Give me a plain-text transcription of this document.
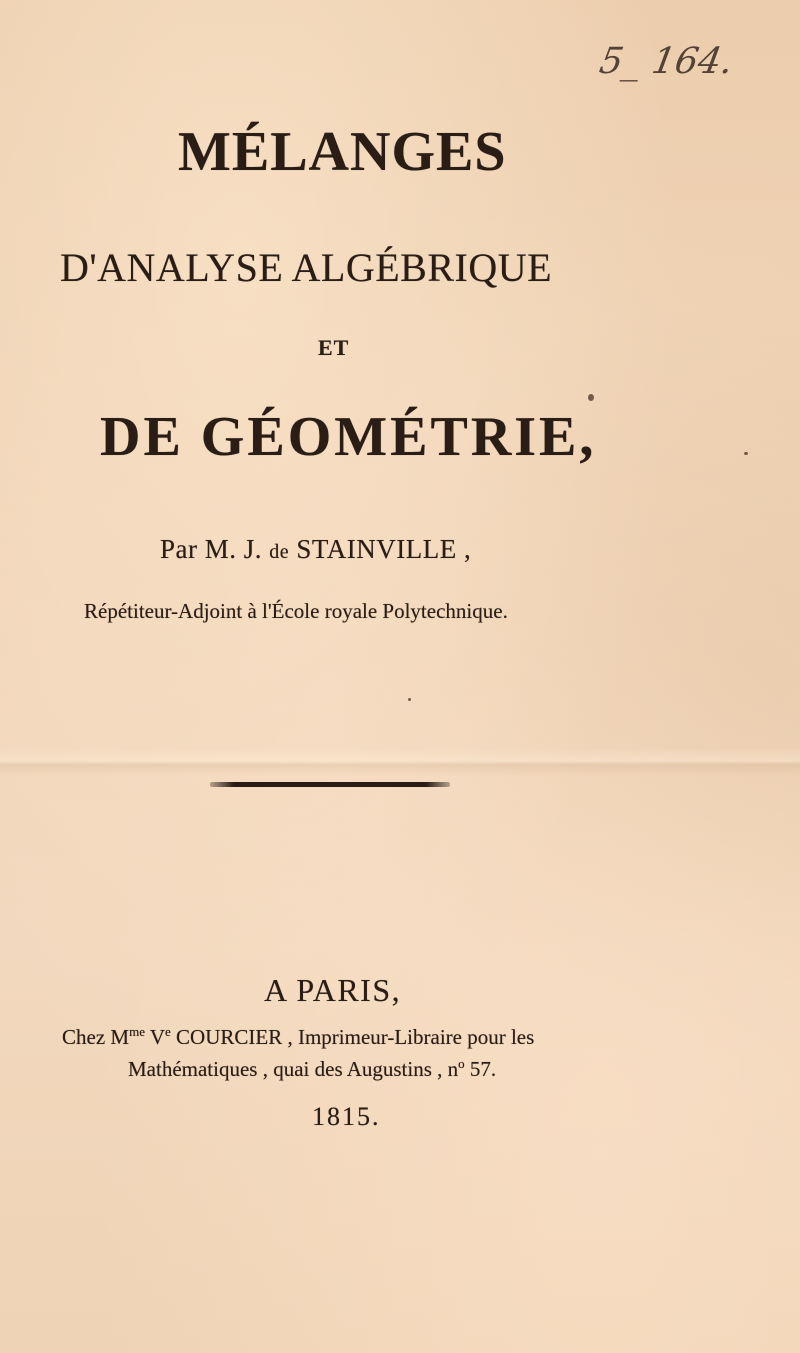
5_ 164.

MÉLANGES

D'ANALYSE ALGÉBRIQUE

ET

DE GÉOMÉTRIE,

Par M. J. de STAINVILLE ,

Répétiteur-Adjoint à l'École royale Polytechnique.

A PARIS,

Chez $M^{me}$ Ve COURCIER , Imprimeur-Libraire pour les

Mathématiques , quai des Augustins , $n^o$ 57.

1815.
